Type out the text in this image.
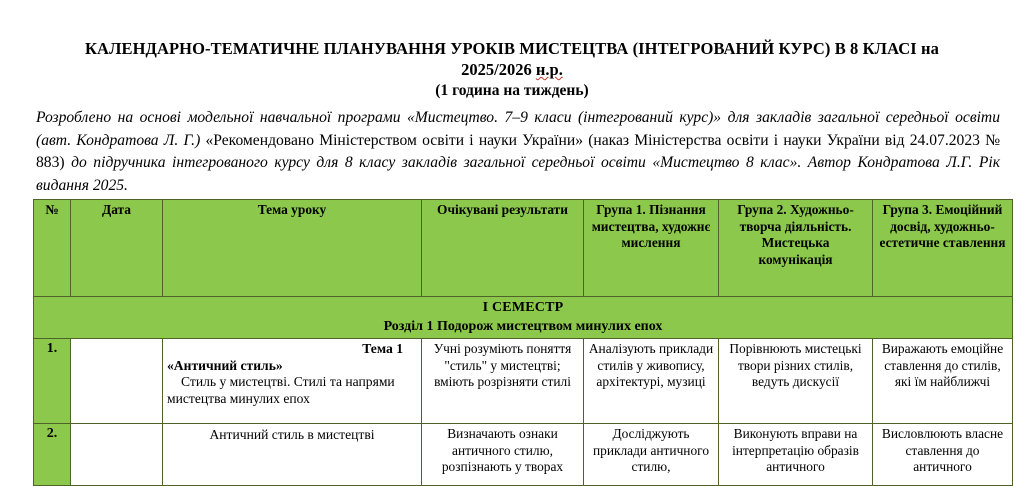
КАЛЕНДАРНО-ТЕМАТИЧНЕ ПЛАНУВАННЯ УРОКІВ МИСТЕЦТВА (ІНТЕГРОВАНИЙ КУРС) В 8 КЛАСІ на
2025/2026 н.р.
(1 година на тиждень)
Розроблено на основі модельної навчальної програми «Мистецтво. 7–9 класи (інтегрований курс)» для закладів загальної середньої освіти (авт. Кондратова Л. Г.) «Рекомендовано Міністерством освіти і науки України» (наказ Міністерства освіти і науки України від 24.07.2023 № 883) до підручника інтегрованого курсу для 8 класу закладів загальної середньої освіти «Мистецтво 8 клас». Автор Кондратова Л.Г. Рік видання 2025.
№	Дата	Тема уроку	Очікувані результати	Група 1. Пізнання мистецтва, художнє мислення	Група 2. Художньо-творча діяльність. Мистецька комунікація	Група 3. Емоційний досвід, художньо-естетичне ставлення

І СЕМЕСТР
Розділ 1 Подорож мистецтвом минулих епох						

1.		Тема 1
«Античний стиль»
Стиль у мистецтві. Стилі та напрями мистецтва минулих епох	Учні розуміють поняття "стиль" у мистецтві; вміють розрізняти стилі	Аналізують приклади стилів у живопису, архітектурі, музиці	Порівнюють мистецькі твори різних стилів, ведуть дискусії	Виражають емоційне ставлення до стилів, які їм найближчі
2.		Античний стиль в мистецтві	Визначають ознаки античного стилю, розпізнають у творах	Досліджують приклади античного стилю,	Виконують вправи на інтерпретацію образів античного	Висловлюють власне ставлення до античного
